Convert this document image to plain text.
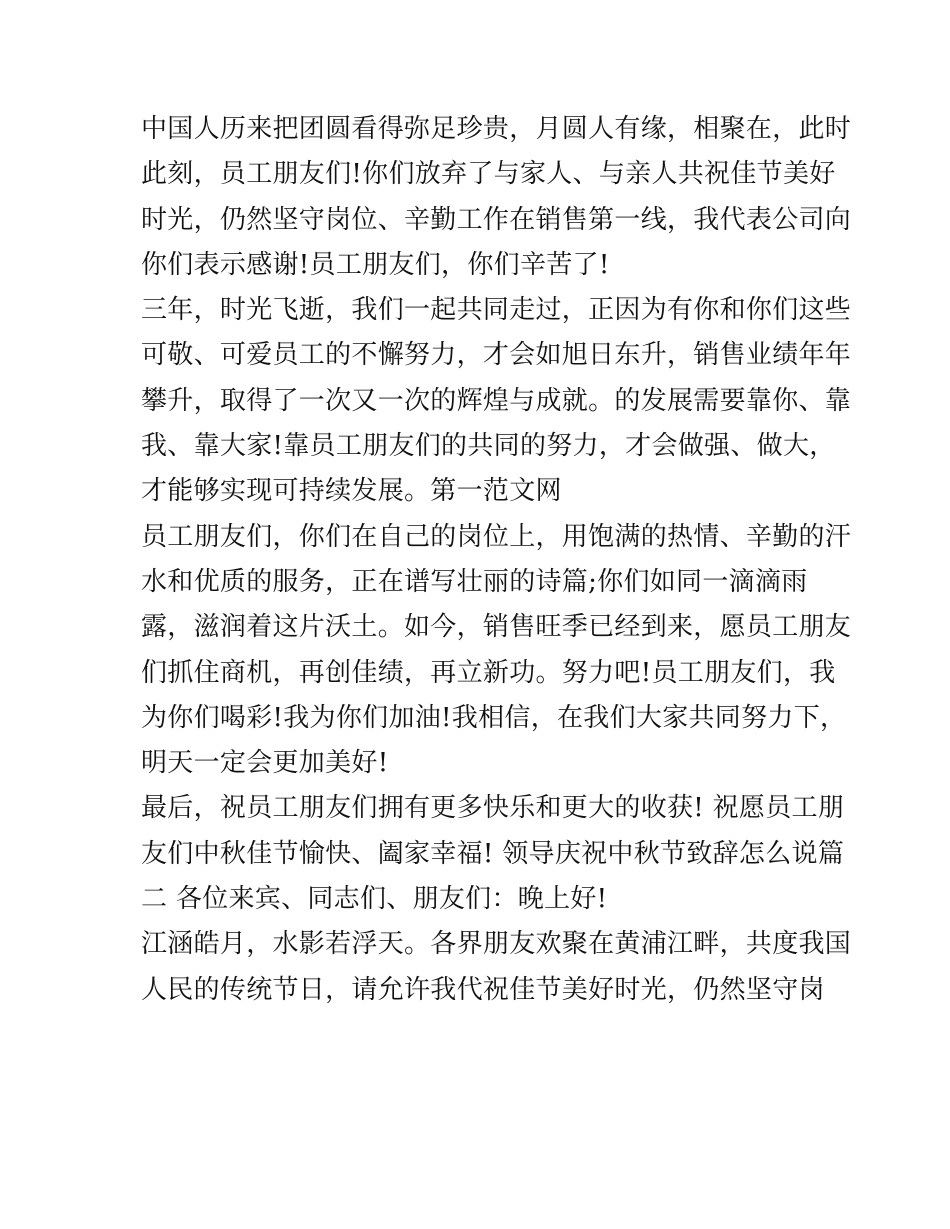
中国人历来把团圆看得弥足珍贵，月圆人有缘，相聚在，此时
此刻，员工朋友们!你们放弃了与家人、与亲人共祝佳节美好
时光，仍然坚守岗位、辛勤工作在销售第一线，我代表公司向
你们表示感谢!员工朋友们，你们辛苦了!
三年，时光飞逝，我们一起共同走过，正因为有你和你们这些
可敬、可爱员工的不懈努力，才会如旭日东升，销售业绩年年
攀升，取得了一次又一次的辉煌与成就。的发展需要靠你、靠
我、靠大家!靠员工朋友们的共同的努力，才会做强、做大，
才能够实现可持续发展。第一范文网
员工朋友们，你们在自己的岗位上，用饱满的热情、辛勤的汗
水和优质的服务，正在谱写壮丽的诗篇;你们如同一滴滴雨
露，滋润着这片沃土。如今，销售旺季已经到来，愿员工朋友
们抓住商机，再创佳绩，再立新功。努力吧!员工朋友们，我
为你们喝彩!我为你们加油!我相信，在我们大家共同努力下，
明天一定会更加美好!
最后，祝员工朋友们拥有更多快乐和更大的收获! 祝愿员工朋
友们中秋佳节愉快、阖家幸福! 领导庆祝中秋节致辞怎么说篇
二 各位来宾、同志们、朋友们：晚上好!
江涵皓月，水影若浮天。各界朋友欢聚在黄浦江畔，共度我国
人民的传统节日，请允许我代祝佳节美好时光，仍然坚守岗
